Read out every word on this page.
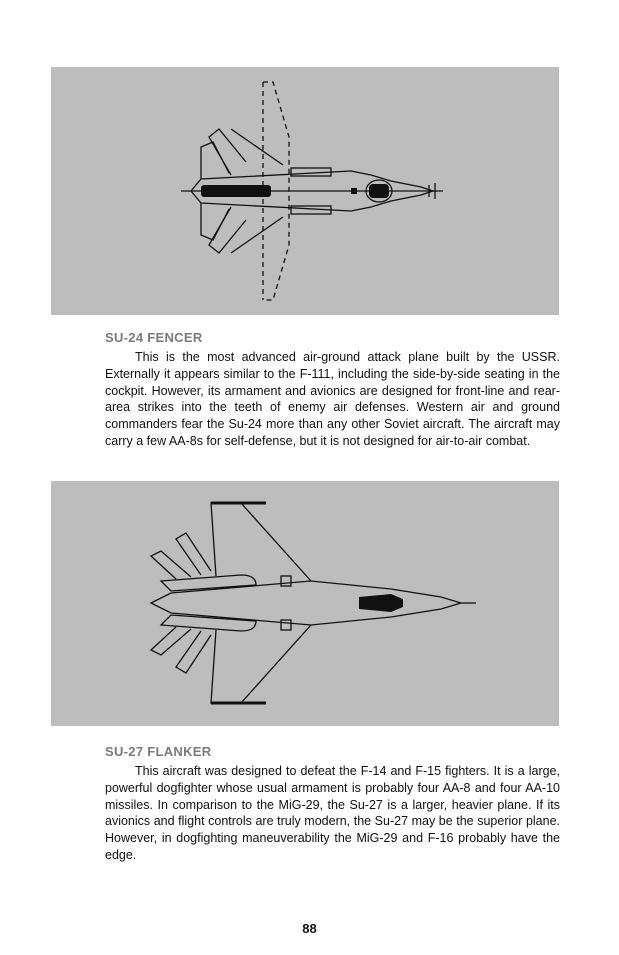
SU-24 FENCER

This is the most advanced air-ground attack plane built by the USSR. Externally it appears similar to the F-111, including the side-by-side seating in the cockpit. However, its armament and avionics are designed for front-line and rear-area strikes into the teeth of enemy air defenses. Western air and ground commanders fear the Su-24 more than any other Soviet aircraft. The aircraft may carry a few AA-8s for self-defense, but it is not designed for air-to-air combat.

SU-27 FLANKER

This aircraft was designed to defeat the F-14 and F-15 fighters. It is a large, powerful dogfighter whose usual armament is probably four AA-8 and four AA-10 missiles. In comparison to the MiG-29, the Su-27 is a larger, heavier plane. If its avionics and flight controls are truly modern, the Su-27 may be the superior plane. However, in dogfighting maneuverability the MiG-29 and F-16 probably have the edge.

88
